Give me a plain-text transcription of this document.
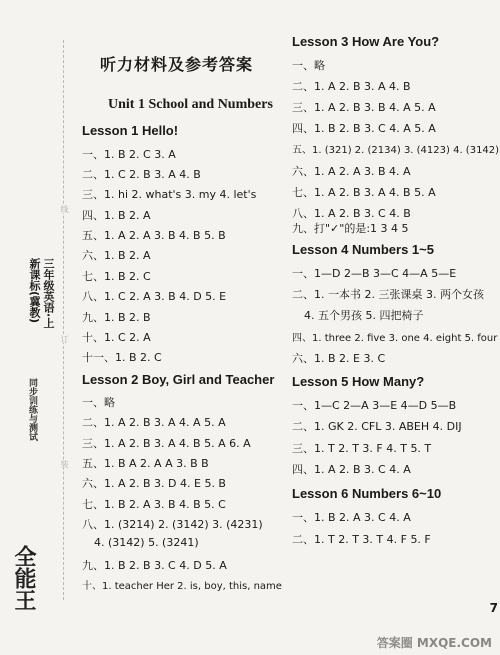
新课标(冀教) 三年级英语·上
同步训练与测试
全能王
线
订
装
听力材料及参考答案
Unit 1 School and Numbers
Lesson 1 Hello!
一、1. B 2. C 3. A
二、1. C 2. B 3. A 4. B
三、1. hi 2. what's 3. my 4. let's
四、1. B 2. A
五、1. A 2. A 3. B 4. B 5. B
六、1. B 2. A
七、1. B 2. C
八、1. C 2. A 3. B 4. D 5. E
九、1. B 2. B
十、1. C 2. A
十一、1. B 2. C
Lesson 2 Boy, Girl and Teacher
一、略
二、1. A 2. B 3. A 4. A 5. A
三、1. A 2. B 3. A 4. B 5. A 6. A
五、1. B A 2. A A 3. B B
六、1. A 2. B 3. D 4. E 5. B
七、1. B 2. A 3. B 4. B 5. C
八、1. (3214) 2. (3142) 3. (4231)
4. (3142) 5. (3241)
九、1. B 2. B 3. C 4. D 5. A
十、1. teacher Her 2. is, boy, this, name
Lesson 3 How Are You?
一、略
二、1. A 2. B 3. A 4. B
三、1. A 2. B 3. B 4. A 5. A
四、1. B 2. B 3. C 4. A 5. A
五、1. (321) 2. (2134) 3. (4123) 4. (3142)
六、1. A 2. A 3. B 4. A
七、1. A 2. B 3. A 4. B 5. A
八、1. A 2. B 3. C 4. B
九、打"✓"的是:1 3 4 5
Lesson 4 Numbers 1~5
一、1—D 2—B 3—C 4—A 5—E
二、1. 一本书 2. 三张课桌 3. 两个女孩
4. 五个男孩 5. 四把椅子
四、1. three 2. five 3. one 4. eight 5. four
六、1. B 2. E 3. C
Lesson 5 How Many?
一、1—C 2—A 3—E 4—D 5—B
二、1. GK 2. CFL 3. ABEH 4. DIJ
三、1. T 2. T 3. F 4. T 5. T
四、1. A 2. B 3. C 4. A
Lesson 6 Numbers 6~10
一、1. B 2. A 3. C 4. A
二、1. T 2. T 3. T 4. F 5. F
7
答案圈 MXQE.COM
